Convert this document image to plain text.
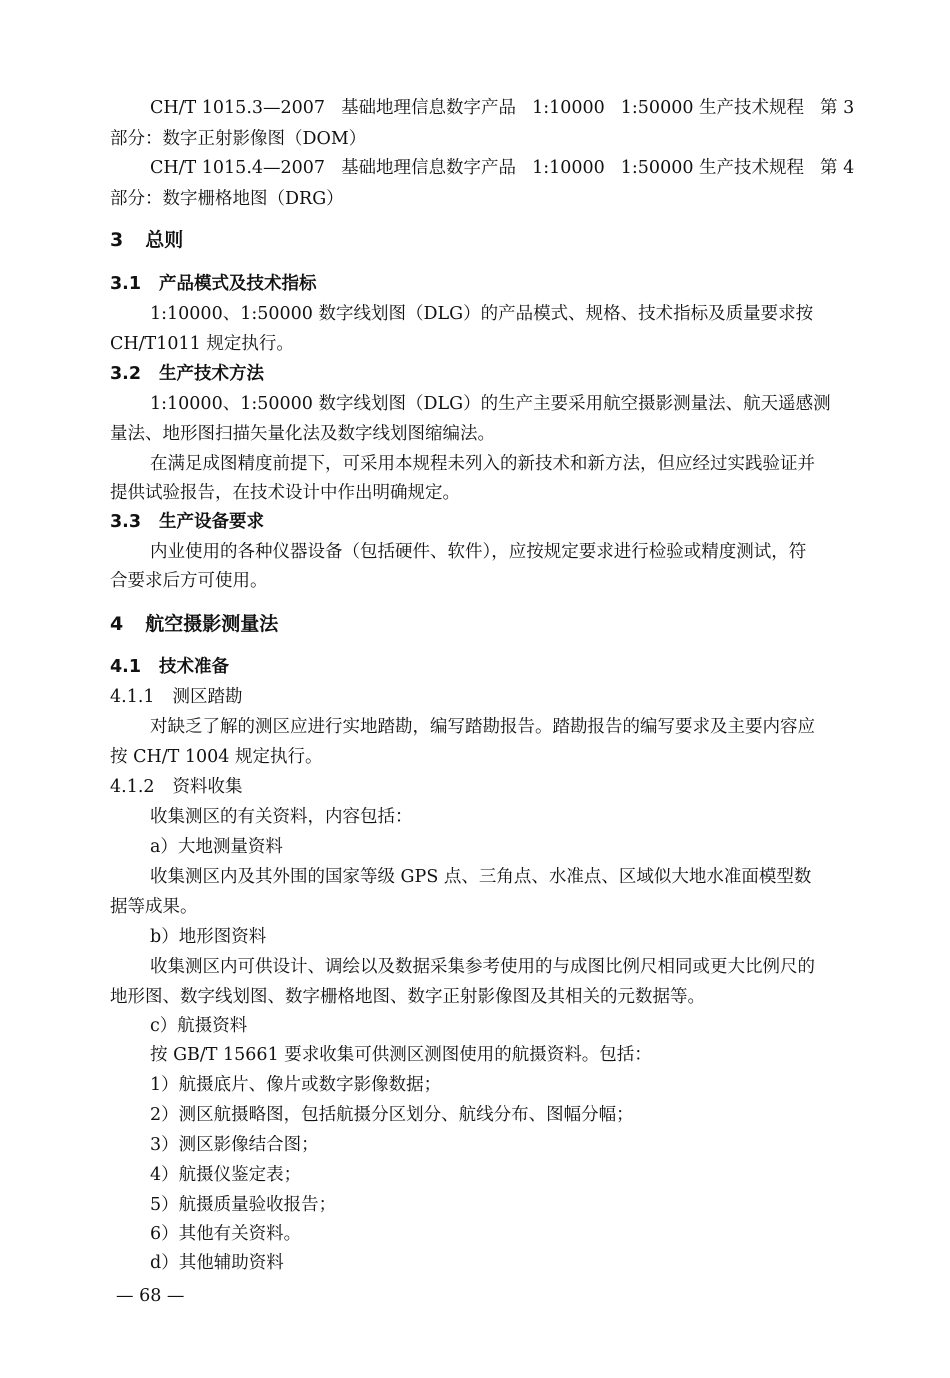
CH/T 1015.3—2007 基础地理信息数字产品 1:10000 1:50000 生产技术规程 第 3
部分：数字正射影像图（DOM）
CH/T 1015.4—2007 基础地理信息数字产品 1:10000 1:50000 生产技术规程 第 4
部分：数字栅格地图（DRG）
3 总则
3.1 产品模式及技术指标
1:10000、1:50000 数字线划图（DLG）的产品模式、规格、技术指标及质量要求按
CH/T1011 规定执行。
3.2 生产技术方法
1:10000、1:50000 数字线划图（DLG）的生产主要采用航空摄影测量法、航天遥感测
量法、地形图扫描矢量化法及数字线划图缩编法。
在满足成图精度前提下，可采用本规程未列入的新技术和新方法，但应经过实践验证并
提供试验报告，在技术设计中作出明确规定。
3.3 生产设备要求
内业使用的各种仪器设备（包括硬件、软件），应按规定要求进行检验或精度测试，符
合要求后方可使用。
4 航空摄影测量法
4.1 技术准备
4.1.1 测区踏勘
对缺乏了解的测区应进行实地踏勘，编写踏勘报告。踏勘报告的编写要求及主要内容应
按 CH/T 1004 规定执行。
4.1.2 资料收集
收集测区的有关资料，内容包括：
a）大地测量资料
收集测区内及其外围的国家等级 GPS 点、三角点、水准点、区域似大地水准面模型数
据等成果。
b）地形图资料
收集测区内可供设计、调绘以及数据采集参考使用的与成图比例尺相同或更大比例尺的
地形图、数字线划图、数字栅格地图、数字正射影像图及其相关的元数据等。
c）航摄资料
按 GB/T 15661 要求收集可供测区测图使用的航摄资料。包括：
1）航摄底片、像片或数字影像数据；
2）测区航摄略图，包括航摄分区划分、航线分布、图幅分幅；
3）测区影像结合图；
4）航摄仪鉴定表；
5）航摄质量验收报告；
6）其他有关资料。
d）其他辅助资料
— 68 —
